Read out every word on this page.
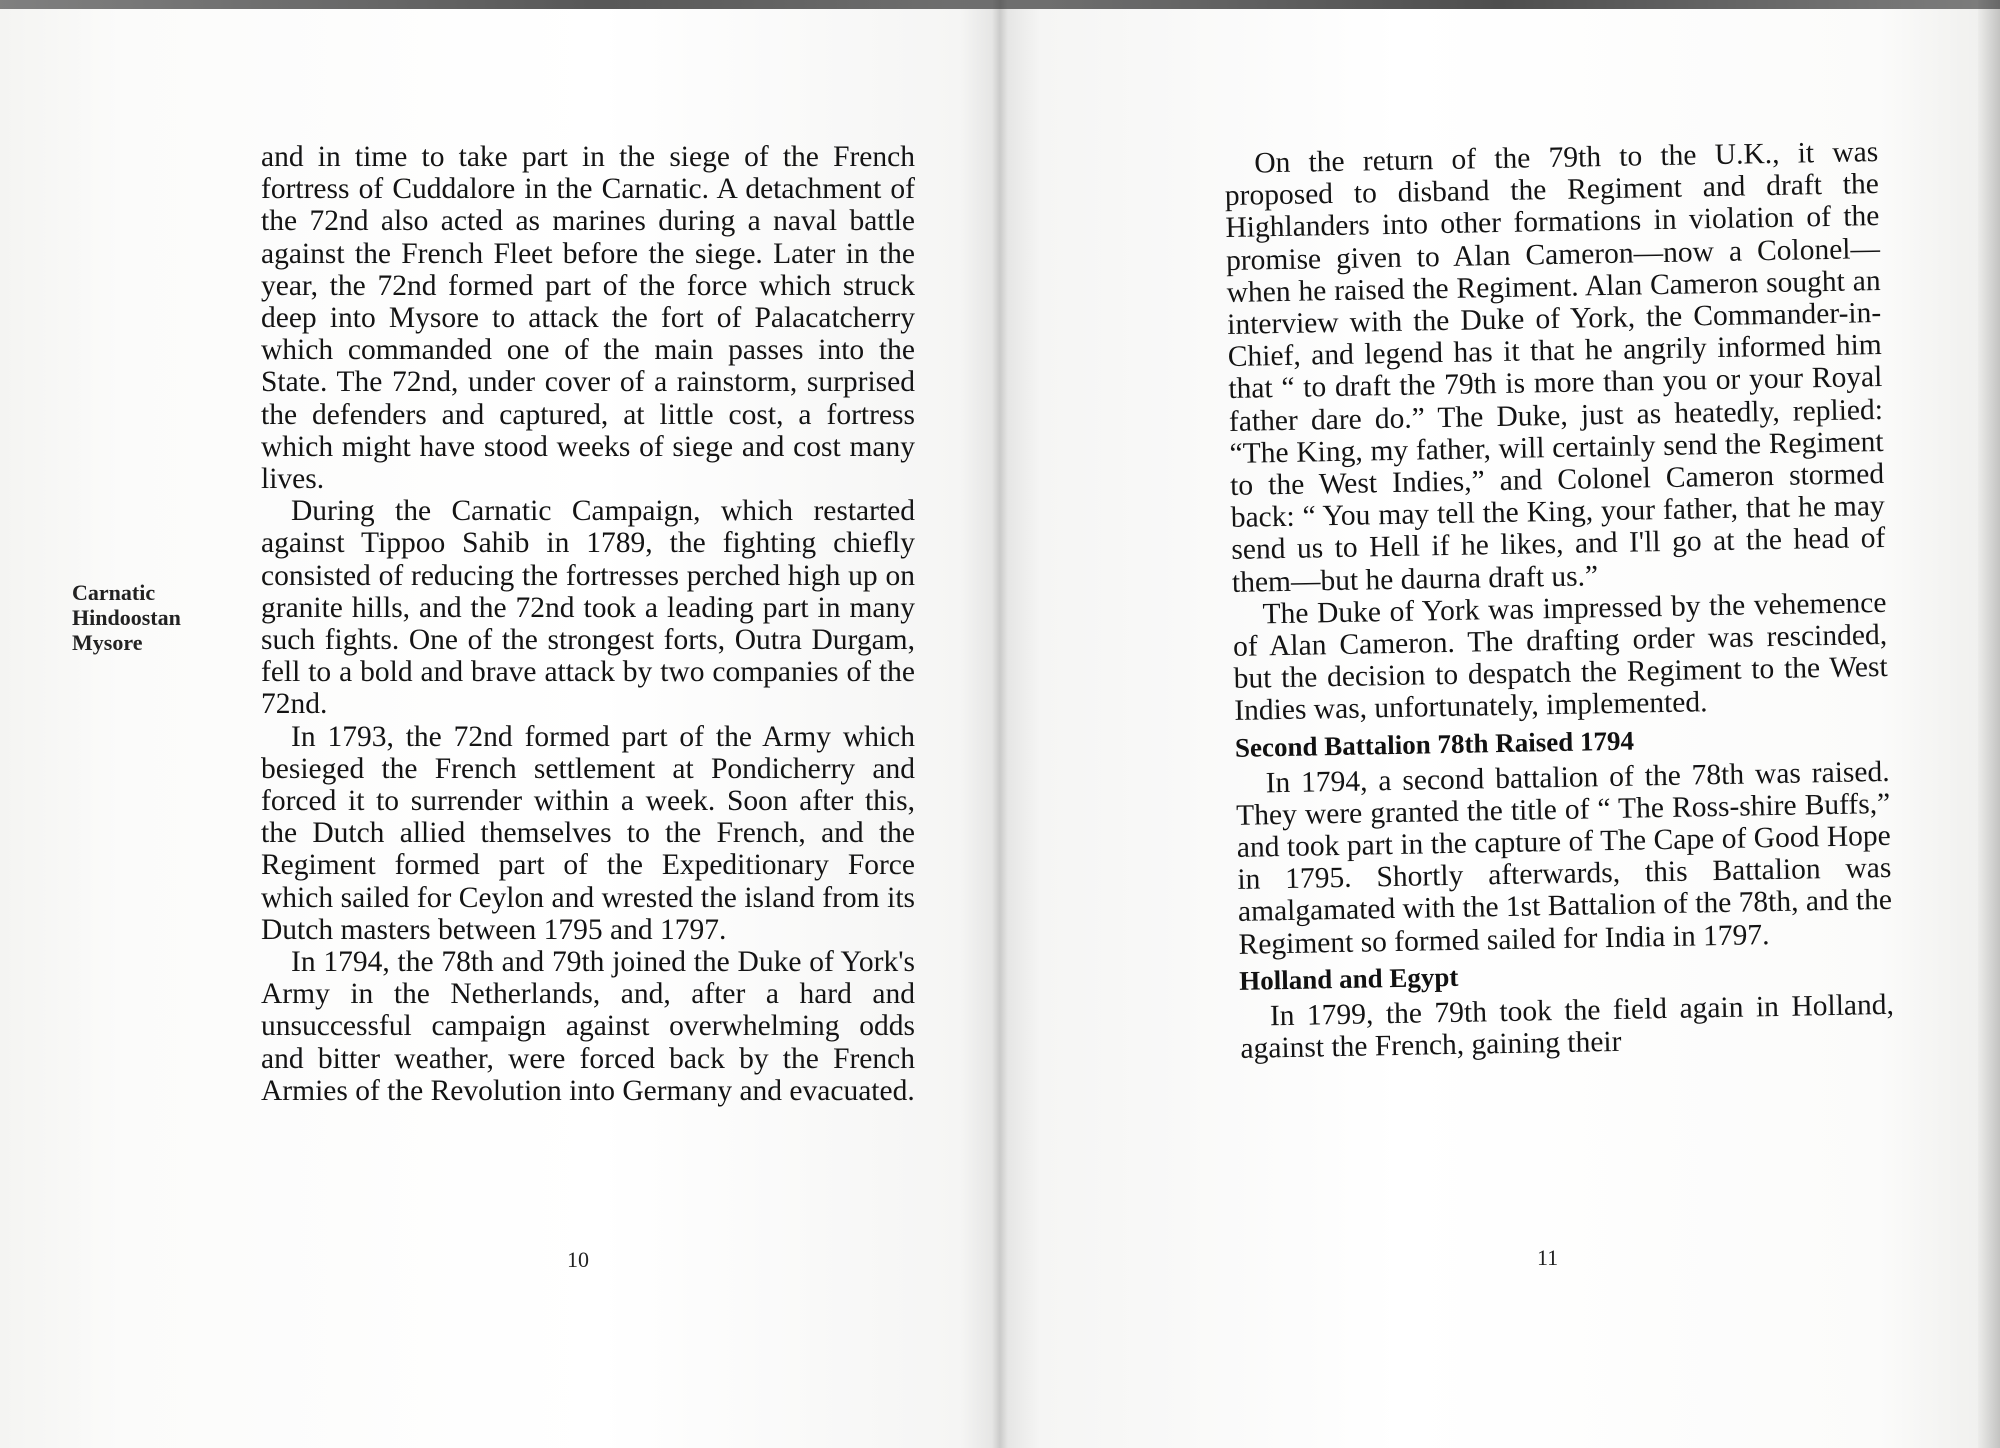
Carnatic
Hindoostan
Mysore

and in time to take part in the siege of the French fortress of Cuddalore in the Carnatic. A detachment of the 72nd also acted as marines during a naval battle against the French Fleet before the siege. Later in the year, the 72nd formed part of the force which struck deep into Mysore to attack the fort of Palacatcherry which commanded one of the main passes into the State. The 72nd, under cover of a rainstorm, surprised the defenders and captured, at little cost, a fortress which might have stood weeks of siege and cost many lives.

During the Carnatic Campaign, which restarted against Tippoo Sahib in 1789, the fighting chiefly consisted of reducing the fortresses perched high up on granite hills, and the 72nd took a leading part in many such fights. One of the strongest forts, Outra Durgam, fell to a bold and brave attack by two companies of the 72nd.

In 1793, the 72nd formed part of the Army which besieged the French settlement at Pondicherry and forced it to surrender within a week. Soon after this, the Dutch allied themselves to the French, and the Regiment formed part of the Expeditionary Force which sailed for Ceylon and wrested the island from its Dutch masters between 1795 and 1797.

In 1794, the 78th and 79th joined the Duke of York's Army in the Netherlands, and, after a hard and unsuccessful campaign against overwhelming odds and bitter weather, were forced back by the French Armies of the Revolution into Germany and evacuated.

10

On the return of the 79th to the U.K., it was proposed to disband the Regiment and draft the Highlanders into other formations in violation of the promise given to Alan Cameron—now a Colonel—when he raised the Regiment. Alan Cameron sought an interview with the Duke of York, the Commander-in-Chief, and legend has it that he angrily informed him that “ to draft the 79th is more than you or your Royal father dare do.” The Duke, just as heatedly, replied: “The King, my father, will certainly send the Regiment to the West Indies,” and Colonel Cameron stormed back: “ You may tell the King, your father, that he may send us to Hell if he likes, and I'll go at the head of them—but he daurna draft us.”

The Duke of York was impressed by the vehemence of Alan Cameron. The drafting order was rescinded, but the decision to despatch the Regiment to the West Indies was, unfortunately, implemented.

Second Battalion 78th Raised 1794

In 1794, a second battalion of the 78th was raised. They were granted the title of “ The Ross-shire Buffs,” and took part in the capture of The Cape of Good Hope in 1795. Shortly afterwards, this Battalion was amalgamated with the 1st Battalion of the 78th, and the Regiment so formed sailed for India in 1797.

Holland and Egypt

In 1799, the 79th took the field again in Holland, against the French, gaining their

11
